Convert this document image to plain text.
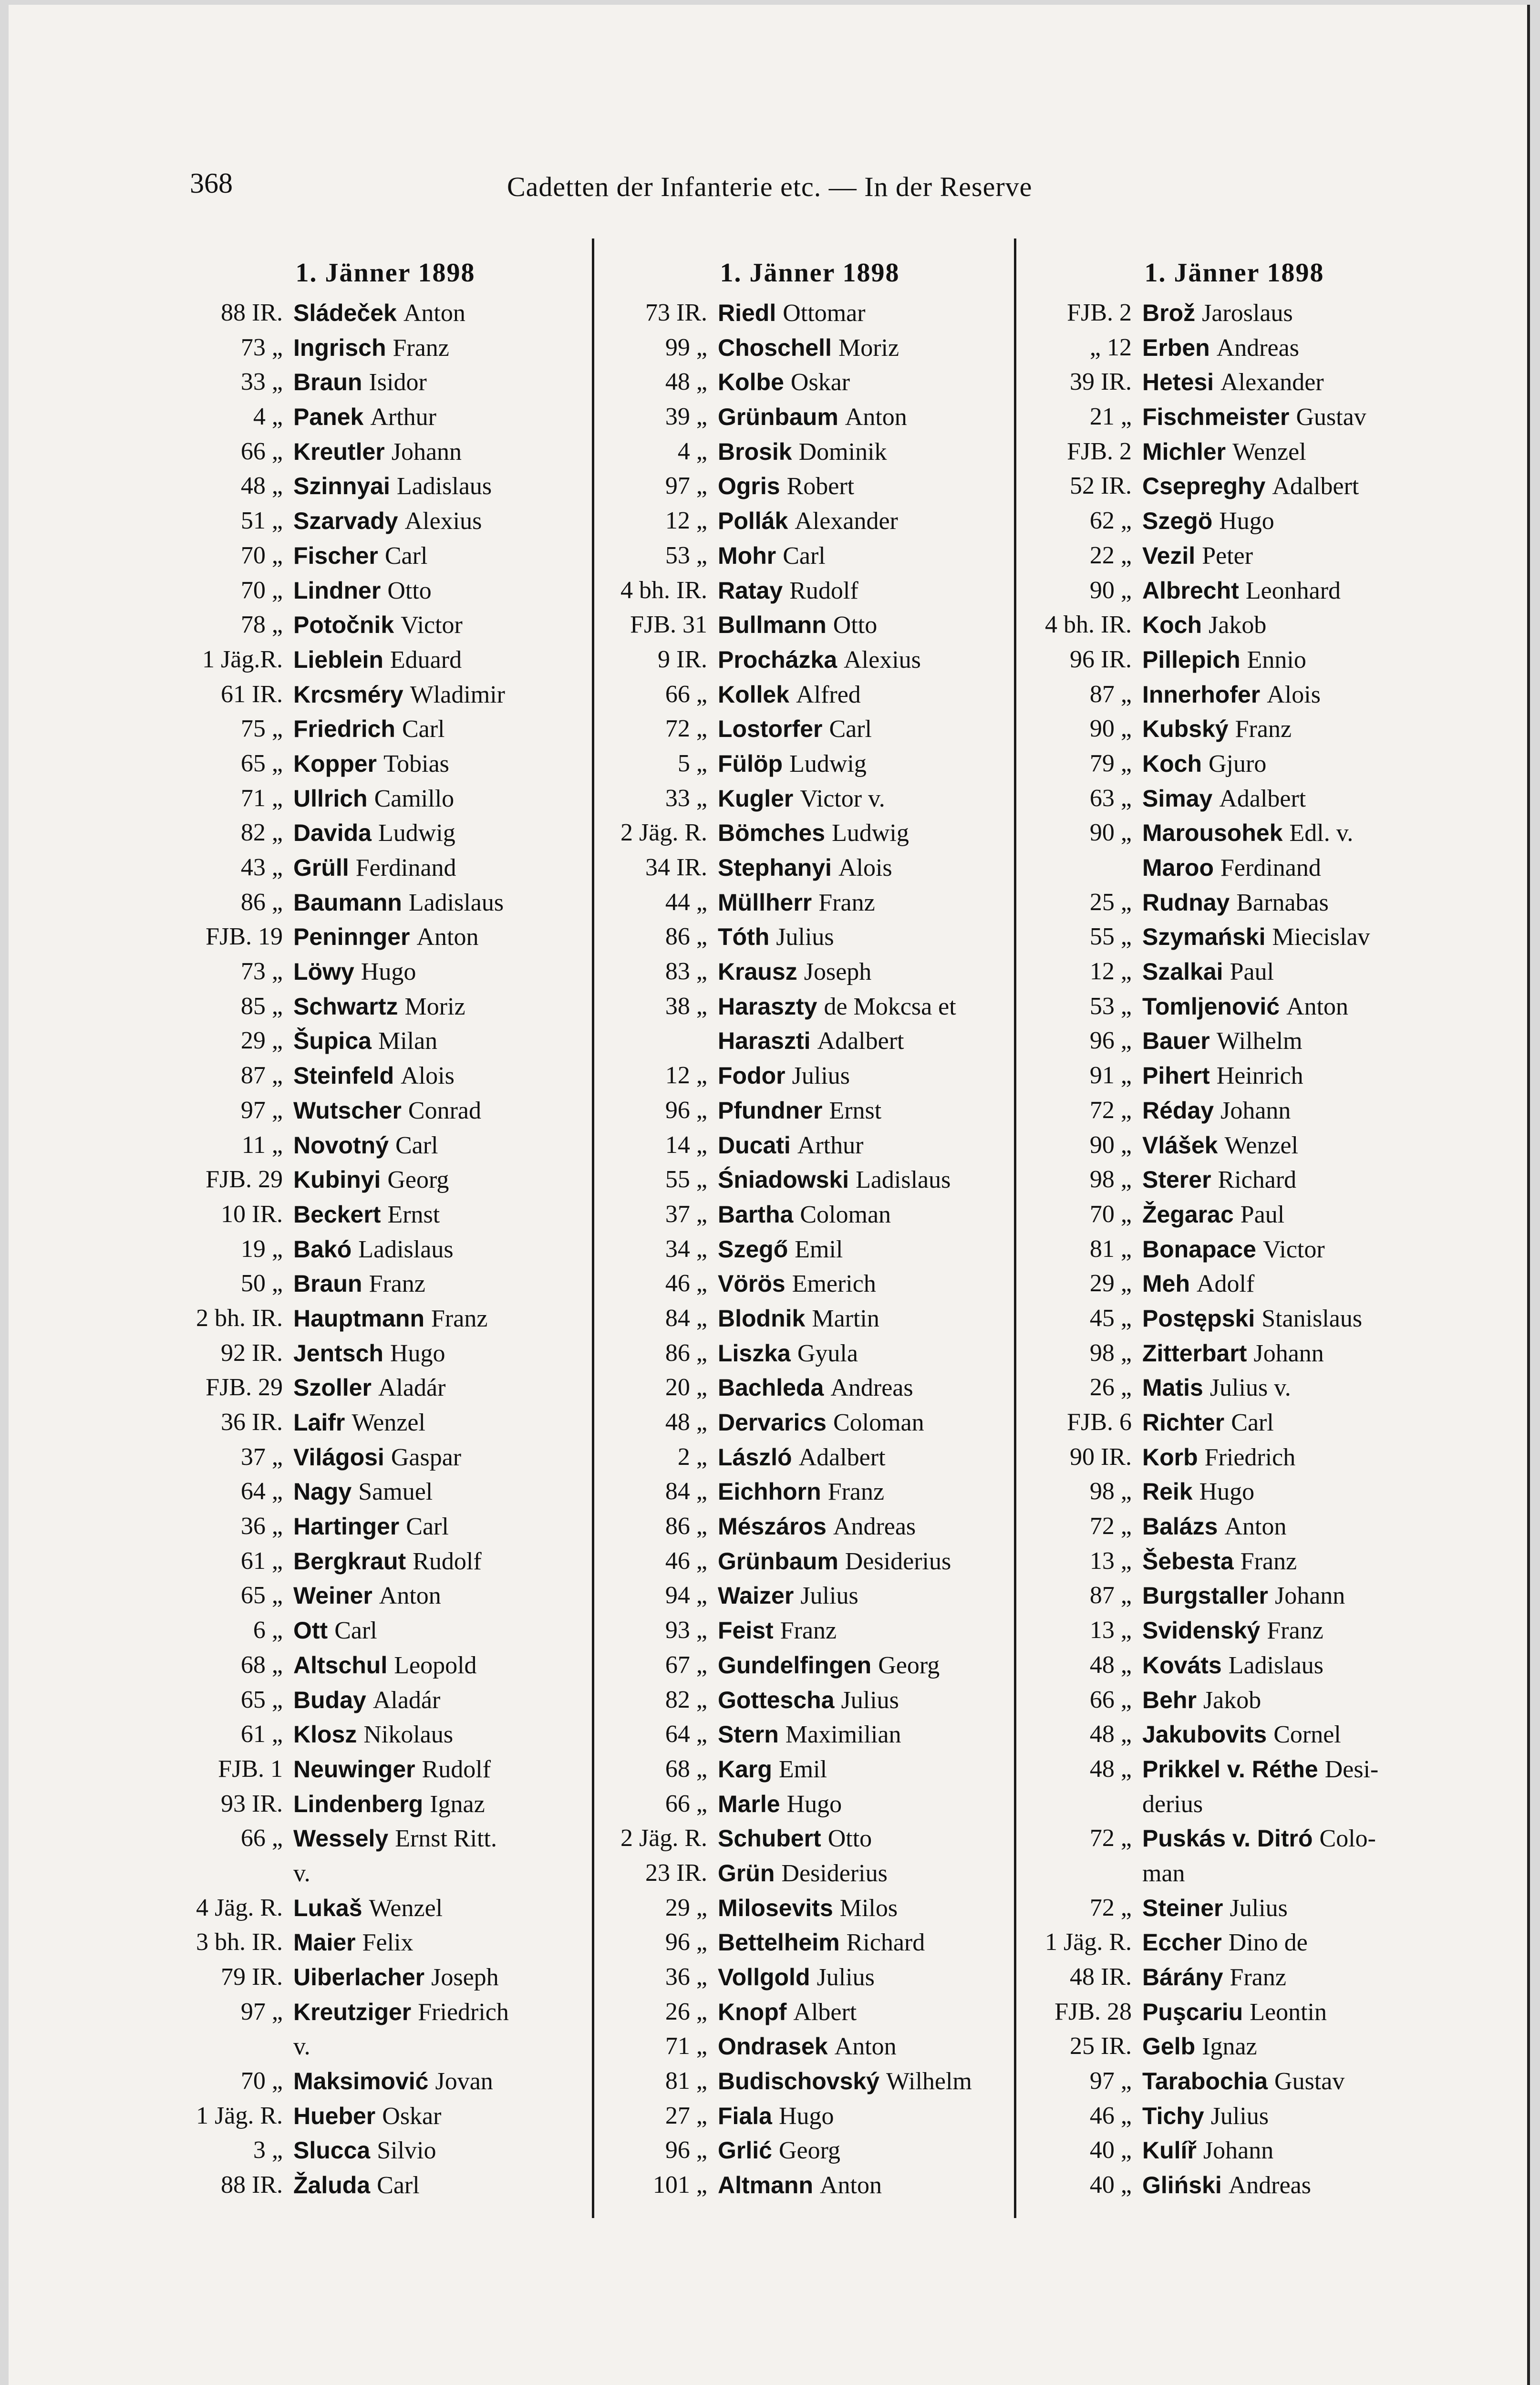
368	Cadetten der Infanterie etc. — In der Reserve
1. Jänner 1898
88 IR. Sládeček Anton
73 „ Ingrisch Franz
33 „ Braun Isidor
4 „ Panek Arthur
66 „ Kreutler Johann
48 „ Szinnyai Ladislaus
51 „ Szarvady Alexius
70 „ Fischer Carl
70 „ Lindner Otto
78 „ Potočnik Victor
1 Jäg.R. Lieblein Eduard
61 IR. Krcsméry Wladimir
75 „ Friedrich Carl
65 „ Kopper Tobias
71 „ Ullrich Camillo
82 „ Davida Ludwig
43 „ Grüll Ferdinand
86 „ Baumann Ladislaus
FJB. 19 Peninnger Anton
73 „ Löwy Hugo
85 „ Schwartz Moriz
29 „ Šupica Milan
87 „ Steinfeld Alois
97 „ Wutscher Conrad
11 „ Novotný Carl
FJB. 29 Kubinyi Georg
10 IR. Beckert Ernst
19 „ Bakó Ladislaus
50 „ Braun Franz
2 bh. IR. Hauptmann Franz
92 IR. Jentsch Hugo
FJB. 29 Szoller Aladár
36 IR. Laifr Wenzel
37 „ Világosi Gaspar
64 „ Nagy Samuel
36 „ Hartinger Carl
61 „ Bergkraut Rudolf
65 „ Weiner Anton
6 „ Ott Carl
68 „ Altschul Leopold
65 „ Buday Aladár
61 „ Klosz Nikolaus
FJB. 1 Neuwinger Rudolf
93 IR. Lindenberg Ignaz
66 „ Wessely Ernst Ritt.
v.
4 Jäg. R. Lukaš Wenzel
3 bh. IR. Maier Felix
79 IR. Uiberlacher Joseph
97 „ Kreutziger Friedrich
v.
70 „ Maksimović Jovan
1 Jäg. R. Hueber Oskar
3 „ Slucca Silvio
88 IR. Žaluda Carl
1. Jänner 1898
73 IR. Riedl Ottomar
99 „ Choschell Moriz
48 „ Kolbe Oskar
39 „ Grünbaum Anton
4 „ Brosik Dominik
97 „ Ogris Robert
12 „ Pollák Alexander
53 „ Mohr Carl
4 bh. IR. Ratay Rudolf
FJB. 31 Bullmann Otto
9 IR. Procházka Alexius
66 „ Kollek Alfred
72 „ Lostorfer Carl
5 „ Fülöp Ludwig
33 „ Kugler Victor v.
2 Jäg. R. Bömches Ludwig
34 IR. Stephanyi Alois
44 „ Müllherr Franz
86 „ Tóth Julius
83 „ Krausz Joseph
38 „ Haraszty de Mokcsa et
Haraszti Adalbert
12 „ Fodor Julius
96 „ Pfundner Ernst
14 „ Ducati Arthur
55 „ Śniadowski Ladislaus
37 „ Bartha Coloman
34 „ Szegő Emil
46 „ Vörös Emerich
84 „ Blodnik Martin
86 „ Liszka Gyula
20 „ Bachleda Andreas
48 „ Dervarics Coloman
2 „ László Adalbert
84 „ Eichhorn Franz
86 „ Mészáros Andreas
46 „ Grünbaum Desiderius
94 „ Waizer Julius
93 „ Feist Franz
67 „ Gundelfingen Georg
82 „ Gottescha Julius
64 „ Stern Maximilian
68 „ Karg Emil
66 „ Marle Hugo
2 Jäg. R. Schubert Otto
23 IR. Grün Desiderius
29 „ Milosevits Milos
96 „ Bettelheim Richard
36 „ Vollgold Julius
26 „ Knopf Albert
71 „ Ondrasek Anton
81 „ Budischovský Wilhelm
27 „ Fiala Hugo
96 „ Grlić Georg
101 „ Altmann Anton
1. Jänner 1898
FJB. 2 Brož Jaroslaus
„ 12 Erben Andreas
39 IR. Hetesi Alexander
21 „ Fischmeister Gustav
FJB. 2 Michler Wenzel
52 IR. Csepreghy Adalbert
62 „ Szegö Hugo
22 „ Vezil Peter
90 „ Albrecht Leonhard
4 bh. IR. Koch Jakob
96 IR. Pillepich Ennio
87 „ Innerhofer Alois
90 „ Kubský Franz
79 „ Koch Gjuro
63 „ Simay Adalbert
90 „ Marousohek Edl. v.
Maroo Ferdinand
25 „ Rudnay Barnabas
55 „ Szymański Miecislav
12 „ Szalkai Paul
53 „ Tomljenović Anton
96 „ Bauer Wilhelm
91 „ Pihert Heinrich
72 „ Réday Johann
90 „ Vlášek Wenzel
98 „ Sterer Richard
70 „ Žegarac Paul
81 „ Bonapace Victor
29 „ Meh Adolf
45 „ Postępski Stanislaus
98 „ Zitterbart Johann
26 „ Matis Julius v.
FJB. 6 Richter Carl
90 IR. Korb Friedrich
98 „ Reik Hugo
72 „ Balázs Anton
13 „ Šebesta Franz
87 „ Burgstaller Johann
13 „ Svidenský Franz
48 „ Kováts Ladislaus
66 „ Behr Jakob
48 „ Jakubovits Cornel
48 „ Prikkel v. Réthe Desi-
derius
72 „ Puskás v. Ditró Colo-
man
72 „ Steiner Julius
1 Jäg. R. Eccher Dino de
48 IR. Bárány Franz
FJB. 28 Puşcariu Leontin
25 IR. Gelb Ignaz
97 „ Tarabochia Gustav
46 „ Tichy Julius
40 „ Kulíř Johann
40 „ Gliński Andreas
